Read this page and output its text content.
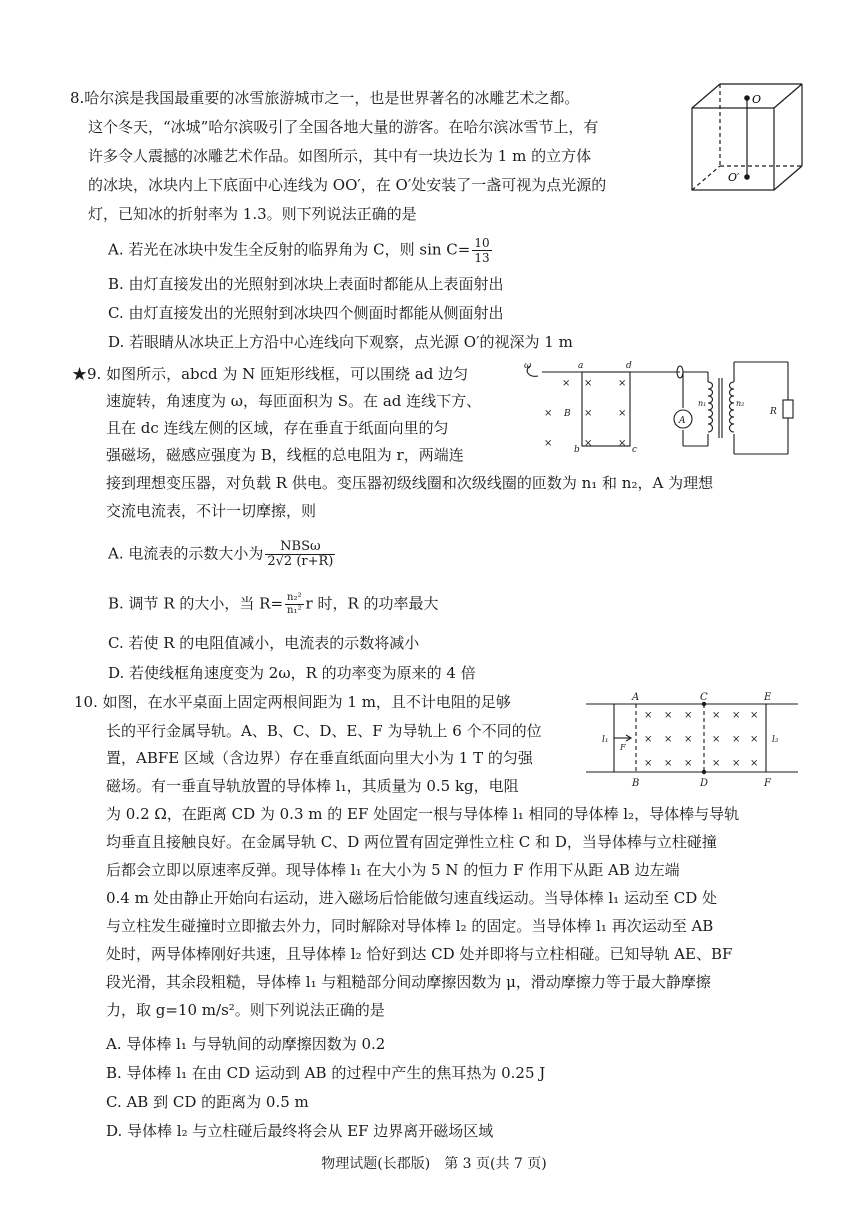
8.哈尔滨是我国最重要的冰雪旅游城市之一，也是世界著名的冰雕艺术之都。
这个冬天，“冰城”哈尔滨吸引了全国各地大量的游客。在哈尔滨冰雪节上，有
许多令人震撼的冰雕艺术作品。如图所示，其中有一块边长为 1 m 的立方体
的冰块，冰块内上下底面中心连线为 OO′，在 O′处安装了一盏可视为点光源的
灯，已知冰的折射率为 1.3。则下列说法正确的是
A. 若光在冰块中发生全反射的临界角为 C，则 $\sin C= \frac{10}{13}$
B. 由灯直接发出的光照射到冰块上表面时都能从上表面射出
C. 由灯直接发出的光照射到冰块四个侧面时都能从侧面射出
D. 若眼睛从冰块正上方沿中心连线向下观察，点光源 O′的视深为 1 m
O
O′
★9. 如图所示，abcd 为 N 匝矩形线框，可以围绕 ad 边匀
速旋转，角速度为 ω，每匝面积为 S。在 ad 连线下方、
且在 dc 连线左侧的区域，存在垂直于纸面向里的匀
强磁场，磁感应强度为 B，线框的总电阻为 r，两端连
接到理想变压器，对负载 R 供电。变压器初级线圈和次级线圈的匝数为 n₁ 和 n₂，A 为理想
交流电流表，不计一切摩擦，则
A. 电流表的示数大小为 $\frac{\text{NBSω}}{2√2 (r+R)}$
B. 调节 R 的大小，当 $R= \frac{\text{n₂²}}{\text{n₁²}}$ r 时，R 的功率最大
C. 若使 R 的电阻值减小，电流表的示数将减小
D. 若使线框角速度变为 2ω，R 的功率变为原来的 4 倍
×	×
×	×	×
×	×	×
×
ω	a	d
b	c
B
n₁	n₂
A
R
10. 如图，在水平桌面上固定两根间距为 1 m，且不计电阻的足够
长的平行金属导轨。A、B、C、D、E、F 为导轨上 6 个不同的位
置，ABFE 区域（含边界）存在垂直纸面向里大小为 1 T 的匀强
磁场。有一垂直导轨放置的导体棒 l₁，其质量为 0.5 kg，电阻
为 0.2 Ω，在距离 CD 为 0.3 m 的 EF 处固定一根与导体棒 l₁ 相同的导体棒 l₂，导体棒与导轨
均垂直且接触良好。在金属导轨 C、D 两位置有固定弹性立柱 C 和 D，当导体棒与立柱碰撞
后都会立即以原速率反弹。现导体棒 l₁ 在大小为 5 N 的恒力 F 作用下从距 AB 边左端
0.4 m 处由静止开始向右运动，进入磁场后恰能做匀速直线运动。当导体棒 l₁ 运动至 CD 处
与立柱发生碰撞时立即撤去外力，同时解除对导体棒 l₂ 的固定。当导体棒 l₁ 再次运动至 AB
处时，两导体棒刚好共速，且导体棒 l₂ 恰好到达 CD 处并即将与立柱相碰。已知导轨 AE、BF
段光滑，其余段粗糙，导体棒 l₁ 与粗糙部分间动摩擦因数为 μ，滑动摩擦力等于最大静摩擦
力，取 g=10 m/s²。则下列说法正确的是
A. 导体棒 l₁ 与导轨间的动摩擦因数为 0.2
B. 导体棒 l₁ 在由 CD 运动到 AB 的过程中产生的焦耳热为 0.25 J
C. AB 到 CD 的距离为 0.5 m
D. 导体棒 l₂ 与立柱碰后最终将会从 EF 边界离开磁场区域
× × × × × ×
× × × × × ×
× × × × × ×
A
B
C
D
E
F
l₁	l₂
F
物理试题(长郡版)　第 3 页(共 7 页)
